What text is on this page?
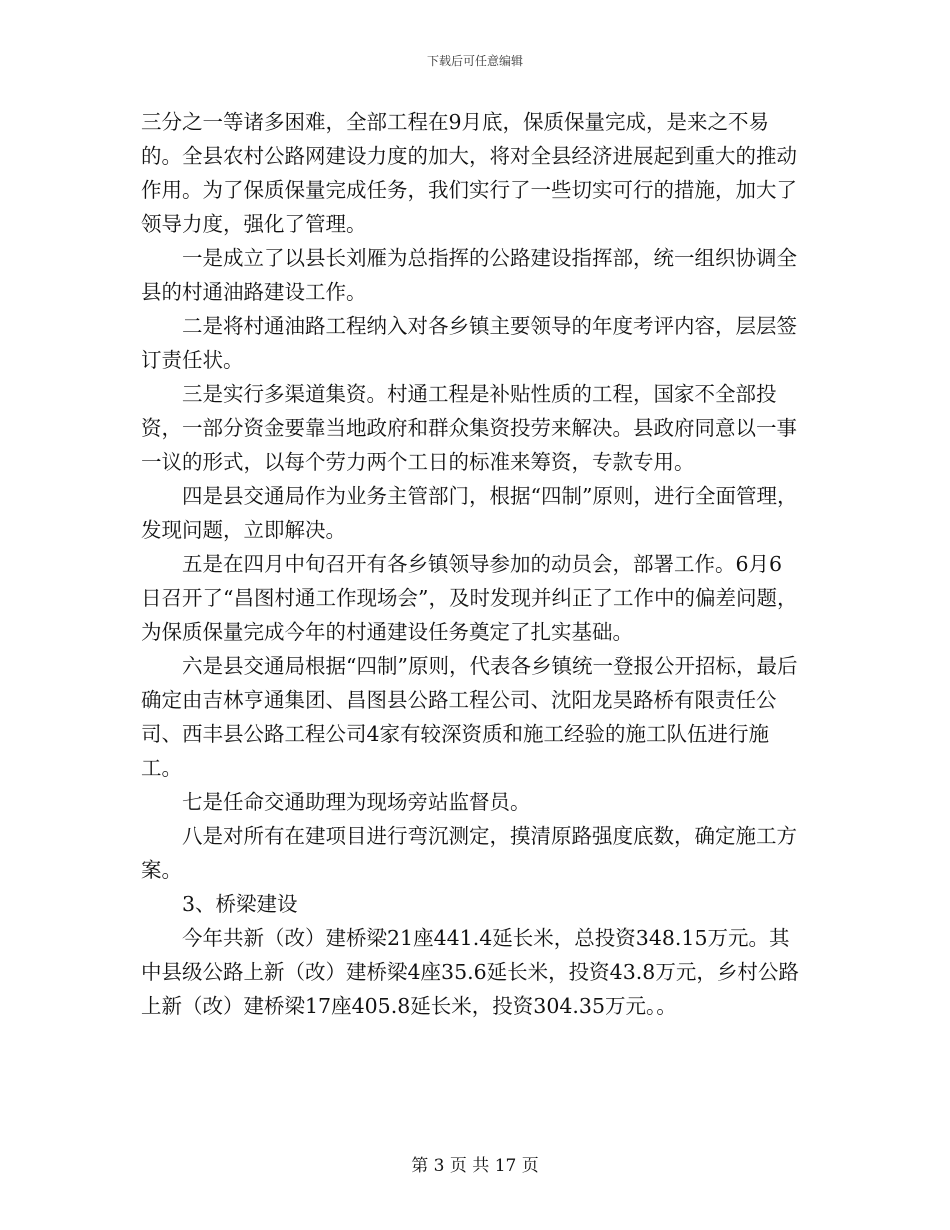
下载后可任意编辑

三分之一等诸多困难，全部工程在9月底，保质保量完成，是来之不易的。全县农村公路网建设力度的加大，将对全县经济进展起到重大的推动作用。为了保质保量完成任务，我们实行了一些切实可行的措施，加大了领导力度，强化了管理。

一是成立了以县长刘雁为总指挥的公路建设指挥部，统一组织协调全县的村通油路建设工作。

二是将村通油路工程纳入对各乡镇主要领导的年度考评内容，层层签订责任状。

三是实行多渠道集资。村通工程是补贴性质的工程，国家不全部投资，一部分资金要靠当地政府和群众集资投劳来解决。县政府同意以一事一议的形式，以每个劳力两个工日的标准来筹资，专款专用。

四是县交通局作为业务主管部门，根据“四制”原则，进行全面管理，发现问题，立即解决。

五是在四月中旬召开有各乡镇领导参加的动员会，部署工作。6月6日召开了“昌图村通工作现场会”，及时发现并纠正了工作中的偏差问题，为保质保量完成今年的村通建设任务奠定了扎实基础。

六是县交通局根据“四制”原则，代表各乡镇统一登报公开招标，最后确定由吉林亨通集团、昌图县公路工程公司、沈阳龙昊路桥有限责任公司、西丰县公路工程公司4家有较深资质和施工经验的施工队伍进行施工。

七是任命交通助理为现场旁站监督员。

八是对所有在建项目进行弯沉测定，摸清原路强度底数，确定施工方案。

3、桥梁建设

今年共新（改）建桥梁21座441.4延长米，总投资348.15万元。其中县级公路上新（改）建桥梁4座35.6延长米，投资43.8万元，乡村公路上新（改）建桥梁17座405.8延长米，投资304.35万元。。

第 3 页 共 17 页
